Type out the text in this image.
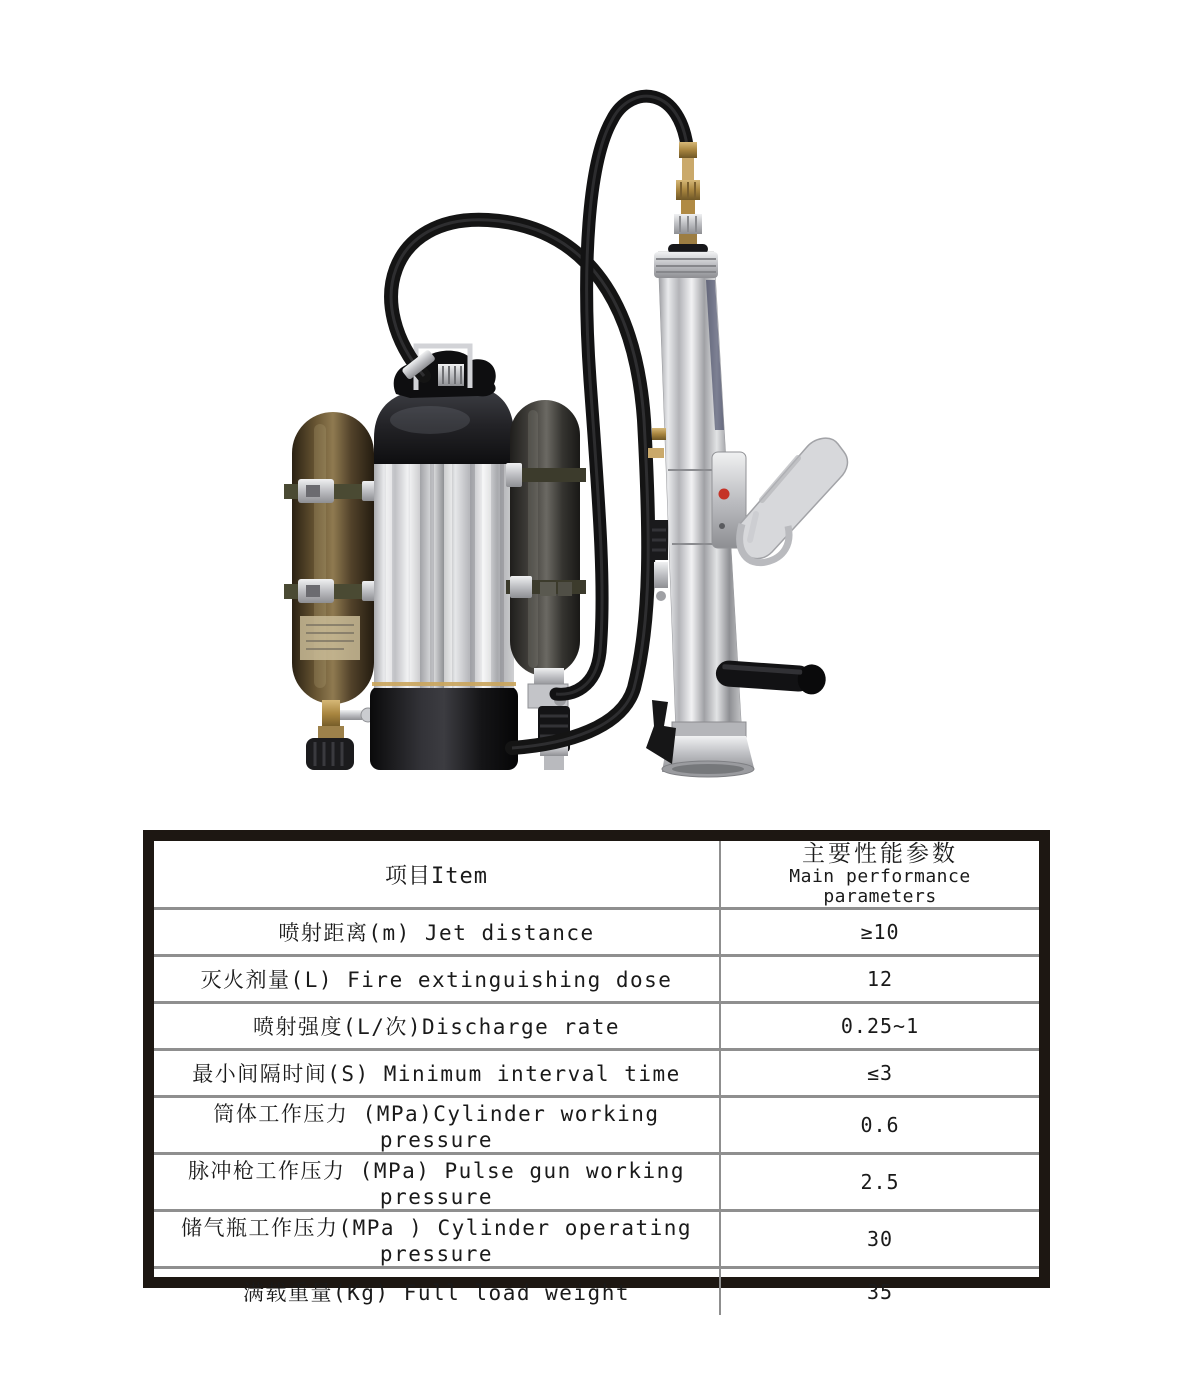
项目Item	主要性能参数
Main performance parameters

喷射距离(m) Jet distance	≥10
灭火剂量(L) Fire extinguishing dose	12
喷射强度(L/次)Discharge rate	0.25~1
最小间隔时间(S) Minimum interval time	≤3
筒体工作压力 (MPa)Cylinder working pressure	0.6
脉冲枪工作压力 (MPa) Pulse gun working pressure	2.5
储气瓶工作压力(MPa ) Cylinder operating pressure	30
满载重量(Kg) Full load weight	35
